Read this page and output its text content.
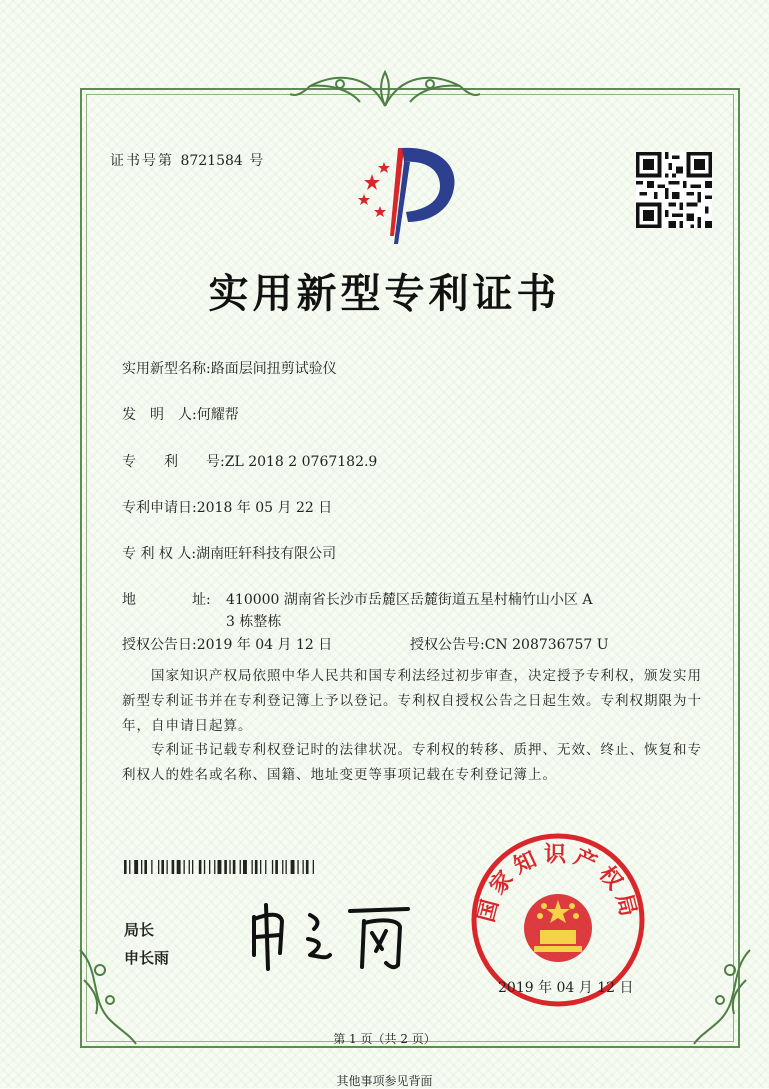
证书号第 8721584 号
实用新型专利证书
实用新型名称:路面层间扭剪试验仪
发　明　人:何耀帮
专　　利　　号:ZL 2018 2 0767182.9
专利申请日:2018 年 05 月 22 日
专 利 权 人:湖南旺轩科技有限公司
地	址: 410000 湖南省长沙市岳麓区岳麓街道五星村楠竹山小区 A
3 栋整栋
授权公告日:2019 年 04 月 12 日	授权公告号:CN 208736757 U
　　国家知识产权局依照中华人民共和国专利法经过初步审查，决定授予专利权，颁发实用
新型专利证书并在专利登记簿上予以登记。专利权自授权公告之日起生效。专利权期限为十
年，自申请日起算。
　　专利证书记载专利权登记时的法律状况。专利权的转移、质押、无效、终止、恢复和专
利权人的姓名或名称、国籍、地址变更等事项记载在专利登记簿上。
局长
申长雨
国家知识产权局
2019 年 04 月 12 日
第 1 页（共 2 页）
其他事项参见背面
